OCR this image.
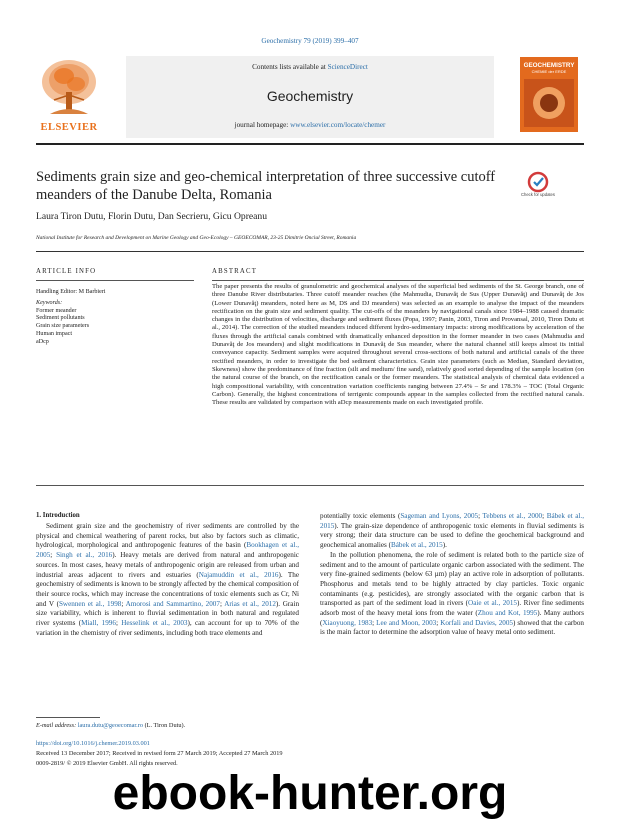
Geochemistry 79 (2019) 399–407
ELSEVIER
Contents lists available at ScienceDirect
Geochemistry
journal homepage: www.elsevier.com/locate/chemer
GEOCHEMISTRY
CHEMIE der ERDE
Sediments grain size and geo-chemical interpretation of three successive cutoff meanders of the Danube Delta, Romania	Check for updates
Laura Tiron Dutu, Florin Dutu, Dan Secrieru, Gicu Opreanu
National Institute for Research and Development on Marine Geology and Geo-Ecology – GEOECOMAR, 23-25 Dimitrie Onciul Street, Romania
ARTICLE INFO
Handling Editor: M Barbieri
Keywords:
Former meander
Sediment pollutants
Grain size parameters
Human impact
aDcp
ABSTRACT
The paper presents the results of granulometric and geochemical analyses of the superficial bed sediments of the St. George branch, one of three Danube River distributaries. Three cutoff meander reaches (the Mahmudia, Dunavăţ de Sus (Upper Dunavăţ) and Dunavăţ de Jos (Lower Dunavăţ) meanders, noted here as M, DS and DJ meanders) was selected as an example to analyse the impact of the meanders rectification on the grain size and sediment quality. The cut-offs of the meanders by navigational canals since 1984–1988 caused dramatic changes in the distribution of velocities, discharge and sediment fluxes (Popa, 1997; Panin, 2003, Tiron and Provansal, 2010, Tiron Dutu et al., 2014). The correction of the studied meanders induced different hydro-sedimentary impacts: strong modifications by acceleration of the fluxes through the artificial canals combined with dramatically enhanced deposition in the former meander in two cases (Mahmudia and Dunavăţ de Jos meanders) and slight modifications in Dunavăţ de Sus meander, where the natural channel still keeps almost its initial conveyance capacity. Sediment samples were acquired throughout several cross-sections of both natural and artificial canals of the three rectified meanders, in order to investigate the bed sediment characteristics. Grain size parameters (such as Median, Standard deviation, Skewness) show the predominance of fine fraction (silt and medium/ fine sand), relatively good sorted depending of the sample location (on the natural course of the branch, on the rectification canals or the former meanders. The statistical analysis of chemical data evidenced a high compositional variability, with concentration variation coefficients ranging between 27.4% – Sr and 178.3% – TOC (Total Organic Carbon). Generally, the highest concentrations of terrigenic compounds appear in the samples collected from the rectified natural canals. These results are validated by comparison with aDcp measurements made on each investigated profile.
1. Introduction

Sediment grain size and the geochemistry of river sediments are controlled by the physical and chemical weathering of parent rocks, but also by factors such as climatic, hydrological, morphological and anthropogenic features of the basin (Bookhagen et al., 2005; Singh et al., 2016). Heavy metals are derived from natural and anthropogenic sources. In most cases, heavy metals of anthropogenic origin are released from urban and industrial areas adjacent to rivers and estuaries (Najamuddin et al., 2016). The geochemistry of sediments is known to be strongly affected by the chemical composition of their source rocks, which may increase the concentrations of toxic elements such as Cr, Ni and V (Swennen et al., 1998; Amorosi and Sammartino, 2007; Arias et al., 2012). Grain size variability, which is inherent to fluvial sedimentation in both natural and regulated river systems (Miall, 1996; Hesselink et al., 2003), can account for up to 70% of the variation in the chemistry of river sediments, including both trace elements and

potentially toxic elements (Sageman and Lyons, 2005; Tebbens et al., 2000; Bábek et al., 2015). The grain-size dependence of anthropogenic toxic elements in fluvial sediments is very strong; their data structure can be used to define the geochemical background and geochemical anomalies (Bábek et al., 2015).

In the pollution phenomena, the role of sediment is related both to the particle size of sediment and to the amount of particulate organic carbon associated with the sediment. The very fine-grained sediments (below 63 µm) play an active role in adsorption of pollutants. Phosphorus and metals tend to be highly attracted by clay particles. Toxic organic contaminants (e.g. pesticides), are strongly associated with the organic carbon that is transported as part of the sediment load in rivers (Oaie et al., 2015). River fine sediments adsorb most of the heavy metal ions from the water (Zhou and Kot, 1995). Many authors (Xiaoyuong, 1983; Lee and Moon, 2003; Korfali and Davies, 2005) showed that the carbon is the main factor to determine the adsorption value of heavy metal onto sediment.

E-mail address: laura.dutu@geoecomar.ro (L. Tiron Dutu).
https://doi.org/10.1016/j.chemer.2019.03.001
Received 13 December 2017; Received in revised form 27 March 2019; Accepted 27 March 2019
0009-2819/ © 2019 Elsevier GmbH. All rights reserved.
ebook-hunter.org
